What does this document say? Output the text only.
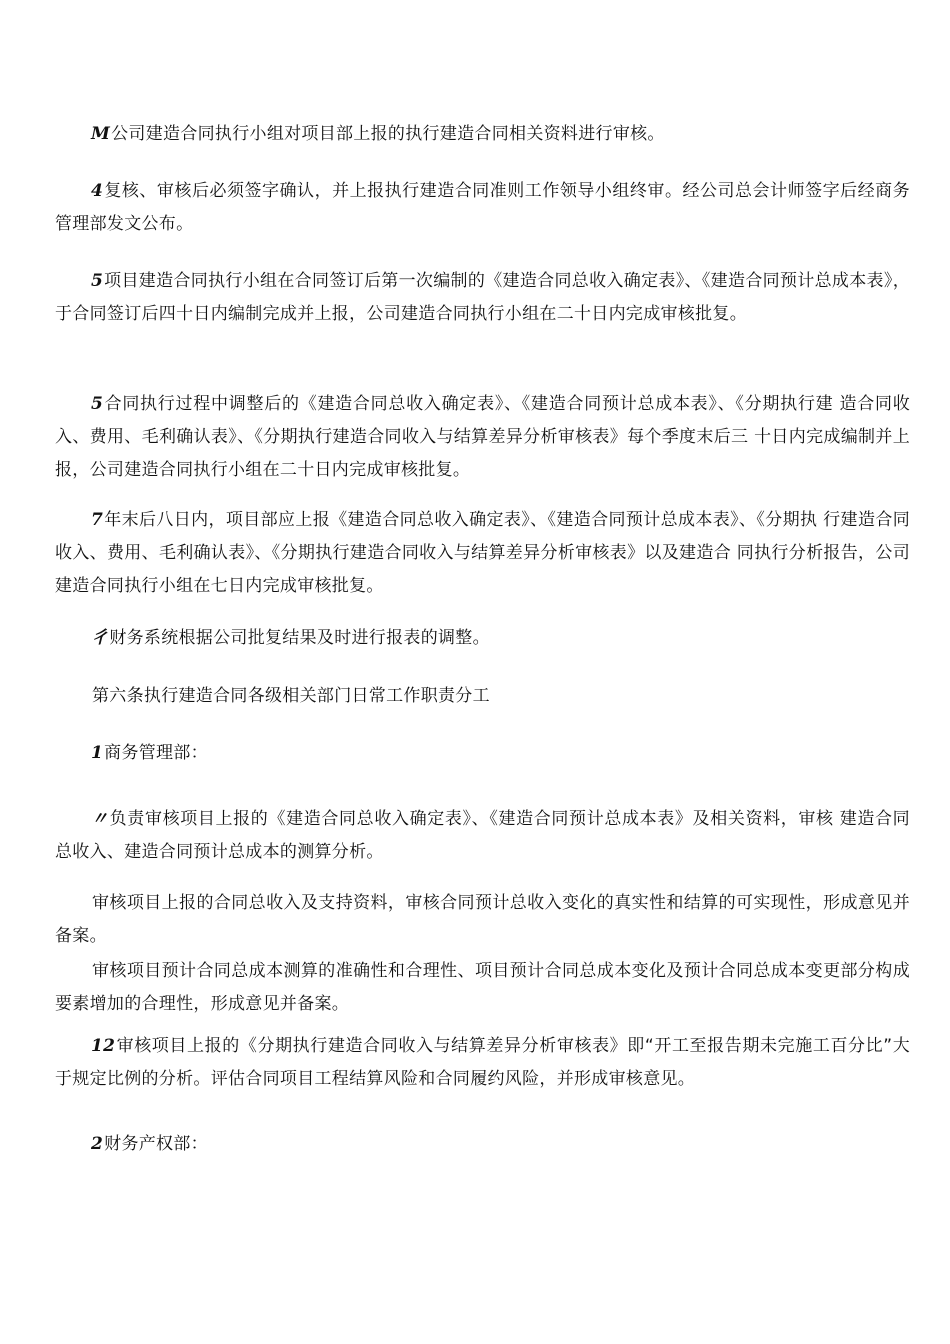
M公司建造合同执行小组对项目部上报的执行建造合同相关资料进行审核。

4复核、审核后必须签字确认，并上报执行建造合同准则工作领导小组终审。经公司总会计师签字后经商务管理部发文公布。

5项目建造合同执行小组在合同签订后第一次编制的《建造合同总收入确定表》、《建造合同预计总成本表》，于合同签订后四十日内编制完成并上报，公司建造合同执行小组在二十日内完成审核批复。

5合同执行过程中调整后的《建造合同总收入确定表》、《建造合同预计总成本表》、《分期执行建 造合同收入、费用、毛利确认表》、《分期执行建造合同收入与结算差异分析审核表》每个季度末后三 十日内完成编制并上报，公司建造合同执行小组在二十日内完成审核批复。

7年末后八日内，项目部应上报《建造合同总收入确定表》、《建造合同预计总成本表》、《分期执 行建造合同收入、费用、毛利确认表》、《分期执行建造合同收入与结算差异分析审核表》以及建造合 同执行分析报告，公司建造合同执行小组在七日内完成审核批复。

彳财务系统根据公司批复结果及时进行报表的调整。

第六条执行建造合同各级相关部门日常工作职责分工

1商务管理部：

〃负责审核项目上报的《建造合同总收入确定表》、《建造合同预计总成本表》及相关资料，审核 建造合同总收入、建造合同预计总成本的测算分析。

审核项目上报的合同总收入及支持资料，审核合同预计总收入变化的真实性和结算的可实现性，形成意见并备案。

审核项目预计合同总成本测算的准确性和合理性、项目预计合同总成本变化及预计合同总成本变更部分构成要素增加的合理性，形成意见并备案。

12审核项目上报的《分期执行建造合同收入与结算差异分析审核表》即“开工至报告期未完施工百分比”大于规定比例的分析。评估合同项目工程结算风险和合同履约风险，并形成审核意见。

2财务产权部：
